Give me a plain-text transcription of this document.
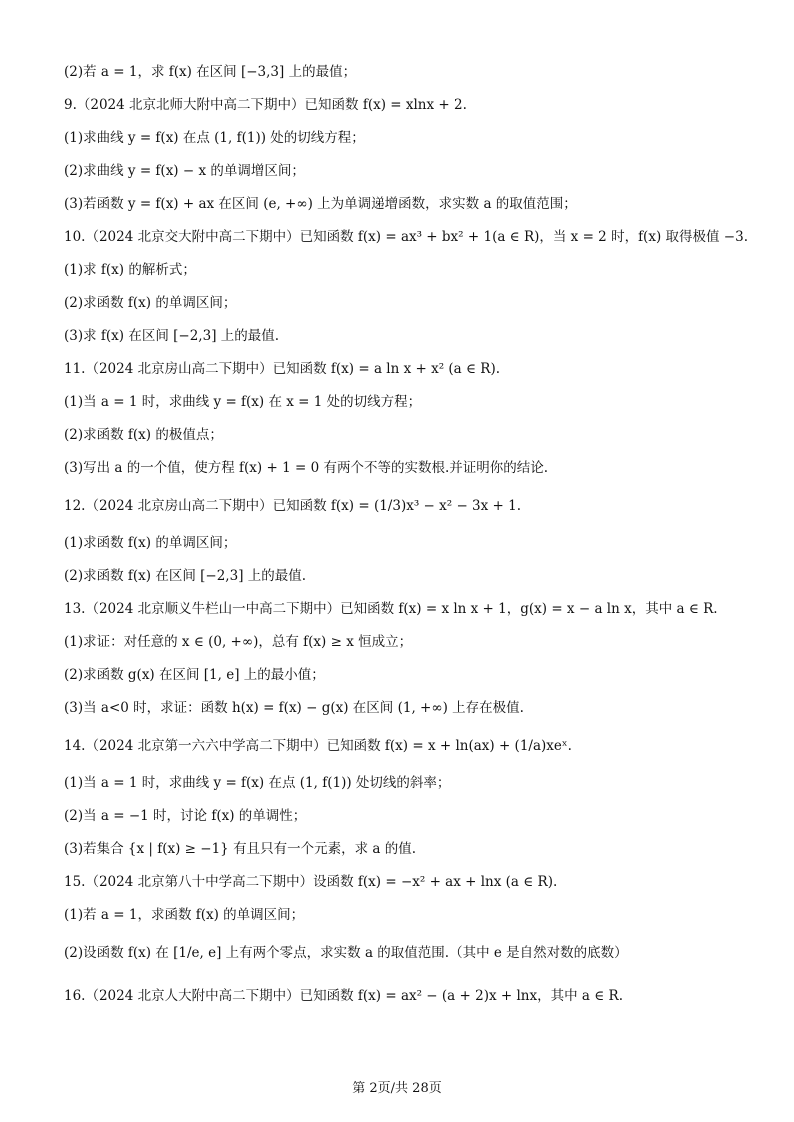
(2)若 a = 1，求 f(x) 在区间 [−3,3] 上的最值；
9.（2024 北京北师大附中高二下期中）已知函数 f(x) = xlnx + 2.
(1)求曲线 y = f(x) 在点 (1, f(1)) 处的切线方程；
(2)求曲线 y = f(x) − x 的单调增区间；
(3)若函数 y = f(x) + ax 在区间 (e, +∞) 上为单调递增函数，求实数 a 的取值范围；
10.（2024 北京交大附中高二下期中）已知函数 f(x) = ax³ + bx² + 1(a ∈ R)，当 x = 2 时，f(x) 取得极值 −3.
(1)求 f(x) 的解析式；
(2)求函数 f(x) 的单调区间；
(3)求 f(x) 在区间 [−2,3] 上的最值.
11.（2024 北京房山高二下期中）已知函数 f(x) = a ln x + x² (a ∈ R).
(1)当 a = 1 时，求曲线 y = f(x) 在 x = 1 处的切线方程；
(2)求函数 f(x) 的极值点；
(3)写出 a 的一个值，使方程 f(x) + 1 = 0 有两个不等的实数根.并证明你的结论.
12.（2024 北京房山高二下期中）已知函数 f(x) = (1/3)x³ − x² − 3x + 1.
(1)求函数 f(x) 的单调区间；
(2)求函数 f(x) 在区间 [−2,3] 上的最值.
13.（2024 北京顺义牛栏山一中高二下期中）已知函数 f(x) = x ln x + 1，g(x) = x − a ln x，其中 a ∈ R.
(1)求证：对任意的 x ∈ (0, +∞)，总有 f(x) ≥ x 恒成立；
(2)求函数 g(x) 在区间 [1, e] 上的最小值；
(3)当 a<0 时，求证：函数 h(x) = f(x) − g(x) 在区间 (1, +∞) 上存在极值.
14.（2024 北京第一六六中学高二下期中）已知函数 f(x) = x + ln(ax) + (1/a)xeˣ.
(1)当 a = 1 时，求曲线 y = f(x) 在点 (1, f(1)) 处切线的斜率；
(2)当 a = −1 时，讨论 f(x) 的单调性；
(3)若集合 {x | f(x) ≥ −1} 有且只有一个元素，求 a 的值.
15.（2024 北京第八十中学高二下期中）设函数 f(x) = −x² + ax + lnx (a ∈ R).
(1)若 a = 1，求函数 f(x) 的单调区间；
(2)设函数 f(x) 在 [1/e, e] 上有两个零点，求实数 a 的取值范围.（其中 e 是自然对数的底数）
16.（2024 北京人大附中高二下期中）已知函数 f(x) = ax² − (a + 2)x + lnx，其中 a ∈ R.
第 2页/共 28页
